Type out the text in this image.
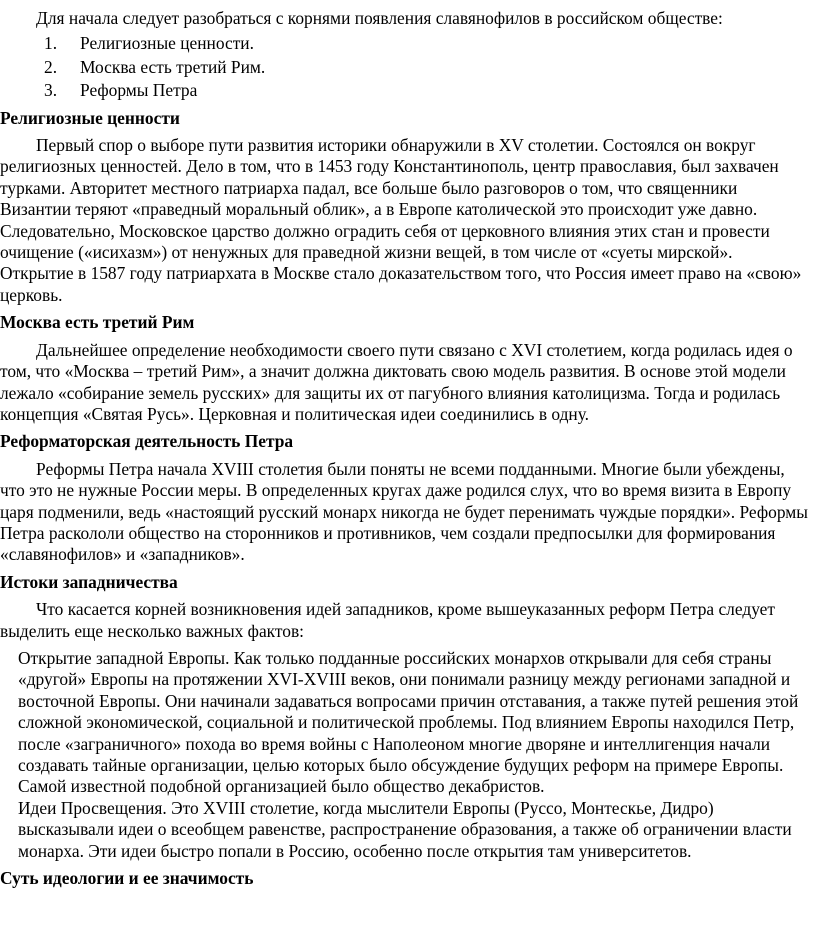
Для начала следует разобраться с корнями появления славянофилов в российском обществе:

1. Религиозные ценности.
2. Москва есть третий Рим.
3. Реформы Петра
Религиозные ценности

Первый спор о выборе пути развития историки обнаружили в XV столетии. Состоялся он вокруг религиозных ценностей. Дело в том, что в 1453 году Константинополь, центр православия, был захвачен турками. Авторитет местного патриарха падал, все больше было разговоров о том, что священники Византии теряют «праведный моральный облик», а в Европе католической это происходит уже давно. Следовательно, Московское царство должно оградить себя от церковного влияния этих стан и провести очищение («исихазм») от ненужных для праведной жизни вещей, в том числе от «суеты мирской». Открытие в 1587 году патриархата в Москве стало доказательством того, что Россия имеет право на «свою» церковь.

Москва есть третий Рим

Дальнейшее определение необходимости своего пути связано с XVI столетием, когда родилась идея о том, что «Москва – третий Рим», а значит должна диктовать свою модель развития. В основе этой модели лежало «собирание земель русских» для защиты их от пагубного влияния католицизма. Тогда и родилась концепция «Святая Русь». Церковная и политическая идеи соединились в одну.

Реформаторская деятельность Петра

Реформы Петра начала XVIII столетия были поняты не всеми подданными. Многие были убеждены, что это не нужные России меры. В определенных кругах даже родился слух, что во время визита в Европу царя подменили, ведь «настоящий русский монарх никогда не будет перенимать чуждые порядки». Реформы Петра раскололи общество на сторонников и противников, чем создали предпосылки для формирования «славянофилов» и «западников».

Истоки западничества

Что касается корней возникновения идей западников, кроме вышеуказанных реформ Петра следует выделить еще несколько важных фактов:

Открытие западной Европы. Как только подданные российских монархов открывали для себя страны «другой» Европы на протяжении XVI-XVIII веков, они понимали разницу между регионами западной и восточной Европы. Они начинали задаваться вопросами причин отставания, а также путей решения этой сложной экономической, социальной и политической проблемы. Под влиянием Европы находился Петр, после «заграничного» похода во время войны с Наполеоном многие дворяне и интеллигенция начали создавать тайные организации, целью которых было обсуждение будущих реформ на примере Европы. Самой известной подобной организацией было общество декабристов.

Идеи Просвещения. Это XVIII столетие, когда мыслители Европы (Руссо, Монтескье, Дидро) высказывали идеи о всеобщем равенстве, распространение образования, а также об ограничении власти монарха. Эти идеи быстро попали в Россию, особенно после открытия там университетов.

Суть идеологии и ее значимость
